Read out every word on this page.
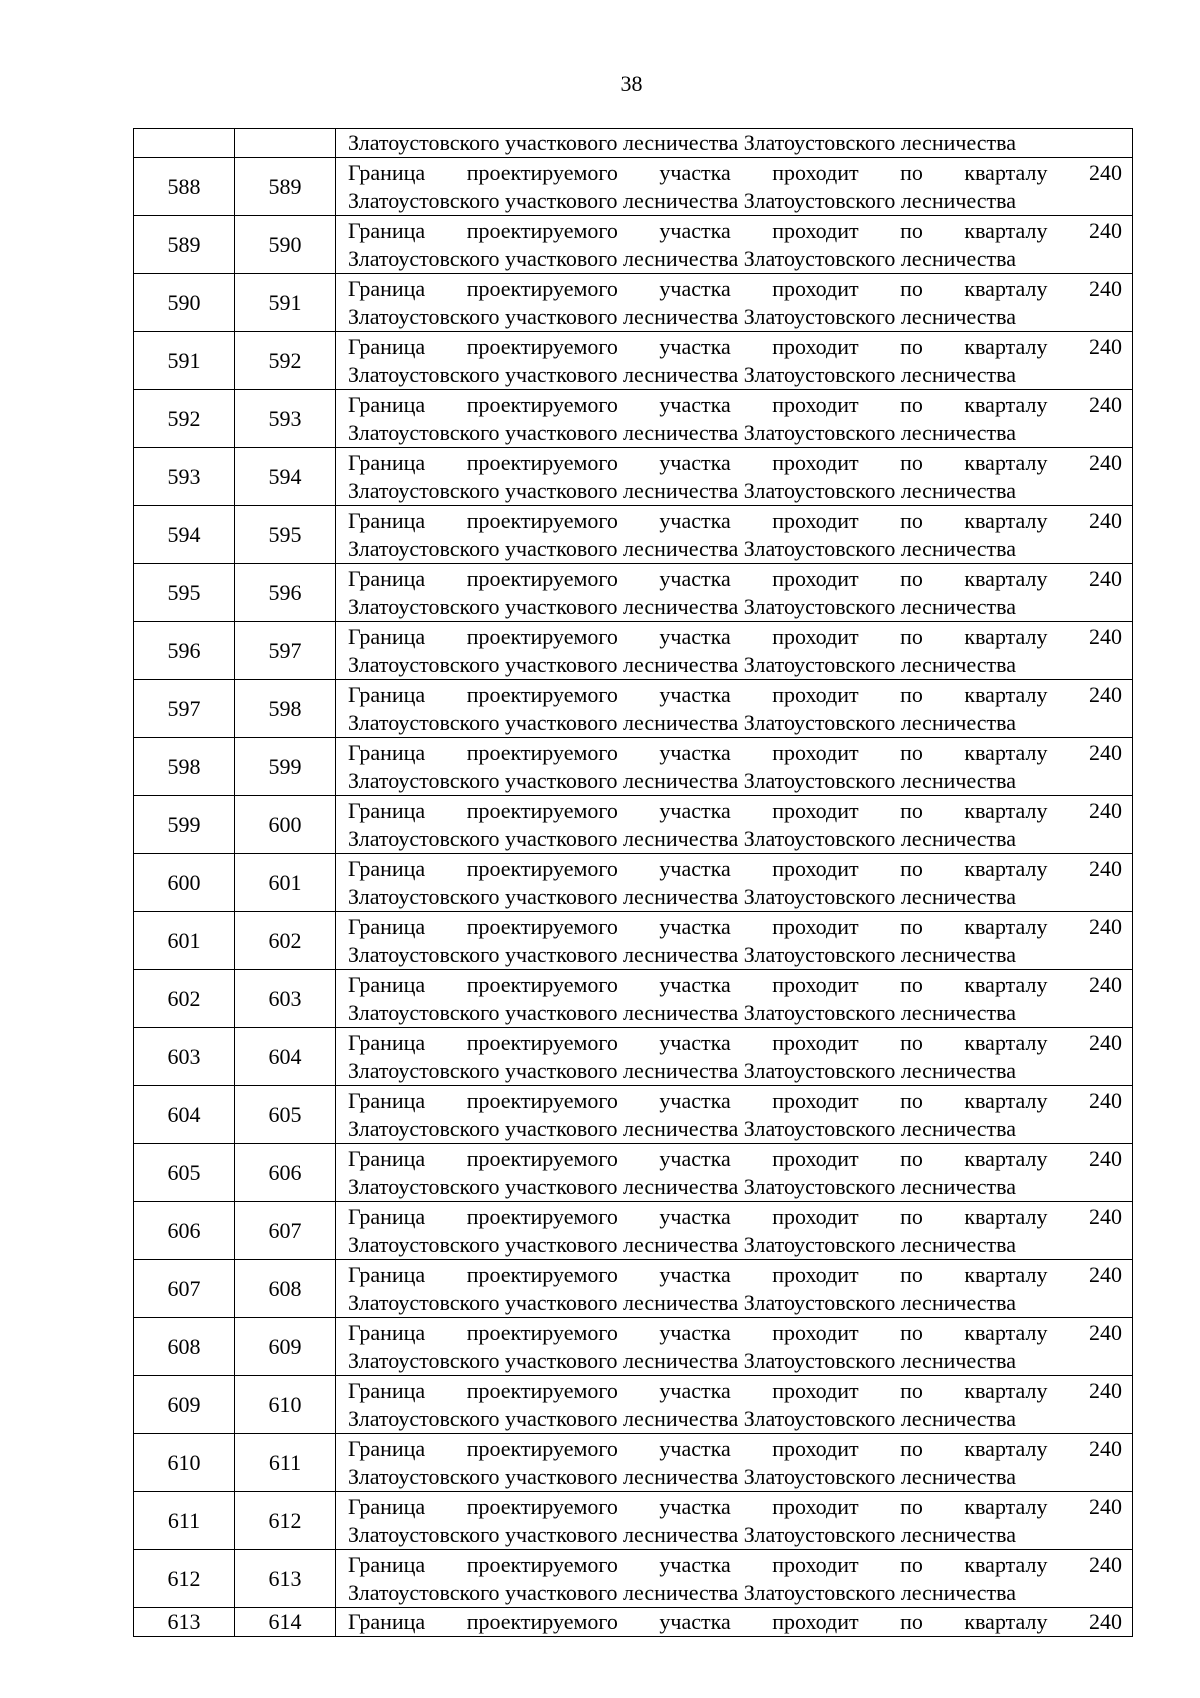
38

		Златоустовского участкового лесничества Златоустовского лесничества

588	589	Граница проектируемого участка проходит по кварталу 240
Златоустовского участкового лесничества Златоустовского лесничества

589	590	Граница проектируемого участка проходит по кварталу 240
Златоустовского участкового лесничества Златоустовского лесничества

590	591	Граница проектируемого участка проходит по кварталу 240
Златоустовского участкового лесничества Златоустовского лесничества

591	592	Граница проектируемого участка проходит по кварталу 240
Златоустовского участкового лесничества Златоустовского лесничества

592	593	Граница проектируемого участка проходит по кварталу 240
Златоустовского участкового лесничества Златоустовского лесничества

593	594	Граница проектируемого участка проходит по кварталу 240
Златоустовского участкового лесничества Златоустовского лесничества

594	595	Граница проектируемого участка проходит по кварталу 240
Златоустовского участкового лесничества Златоустовского лесничества

595	596	Граница проектируемого участка проходит по кварталу 240
Златоустовского участкового лесничества Златоустовского лесничества

596	597	Граница проектируемого участка проходит по кварталу 240
Златоустовского участкового лесничества Златоустовского лесничества

597	598	Граница проектируемого участка проходит по кварталу 240
Златоустовского участкового лесничества Златоустовского лесничества

598	599	Граница проектируемого участка проходит по кварталу 240
Златоустовского участкового лесничества Златоустовского лесничества

599	600	Граница проектируемого участка проходит по кварталу 240
Златоустовского участкового лесничества Златоустовского лесничества

600	601	Граница проектируемого участка проходит по кварталу 240
Златоустовского участкового лесничества Златоустовского лесничества

601	602	Граница проектируемого участка проходит по кварталу 240
Златоустовского участкового лесничества Златоустовского лесничества

602	603	Граница проектируемого участка проходит по кварталу 240
Златоустовского участкового лесничества Златоустовского лесничества

603	604	Граница проектируемого участка проходит по кварталу 240
Златоустовского участкового лесничества Златоустовского лесничества

604	605	Граница проектируемого участка проходит по кварталу 240
Златоустовского участкового лесничества Златоустовского лесничества

605	606	Граница проектируемого участка проходит по кварталу 240
Златоустовского участкового лесничества Златоустовского лесничества

606	607	Граница проектируемого участка проходит по кварталу 240
Златоустовского участкового лесничества Златоустовского лесничества

607	608	Граница проектируемого участка проходит по кварталу 240
Златоустовского участкового лесничества Златоустовского лесничества

608	609	Граница проектируемого участка проходит по кварталу 240
Златоустовского участкового лесничества Златоустовского лесничества

609	610	Граница проектируемого участка проходит по кварталу 240
Златоустовского участкового лесничества Златоустовского лесничества

610	611	Граница проектируемого участка проходит по кварталу 240
Златоустовского участкового лесничества Златоустовского лесничества

611	612	Граница проектируемого участка проходит по кварталу 240
Златоустовского участкового лесничества Златоустовского лесничества

612	613	Граница проектируемого участка проходит по кварталу 240
Златоустовского участкового лесничества Златоустовского лесничества

613	614	Граница проектируемого участка проходит по кварталу 240
